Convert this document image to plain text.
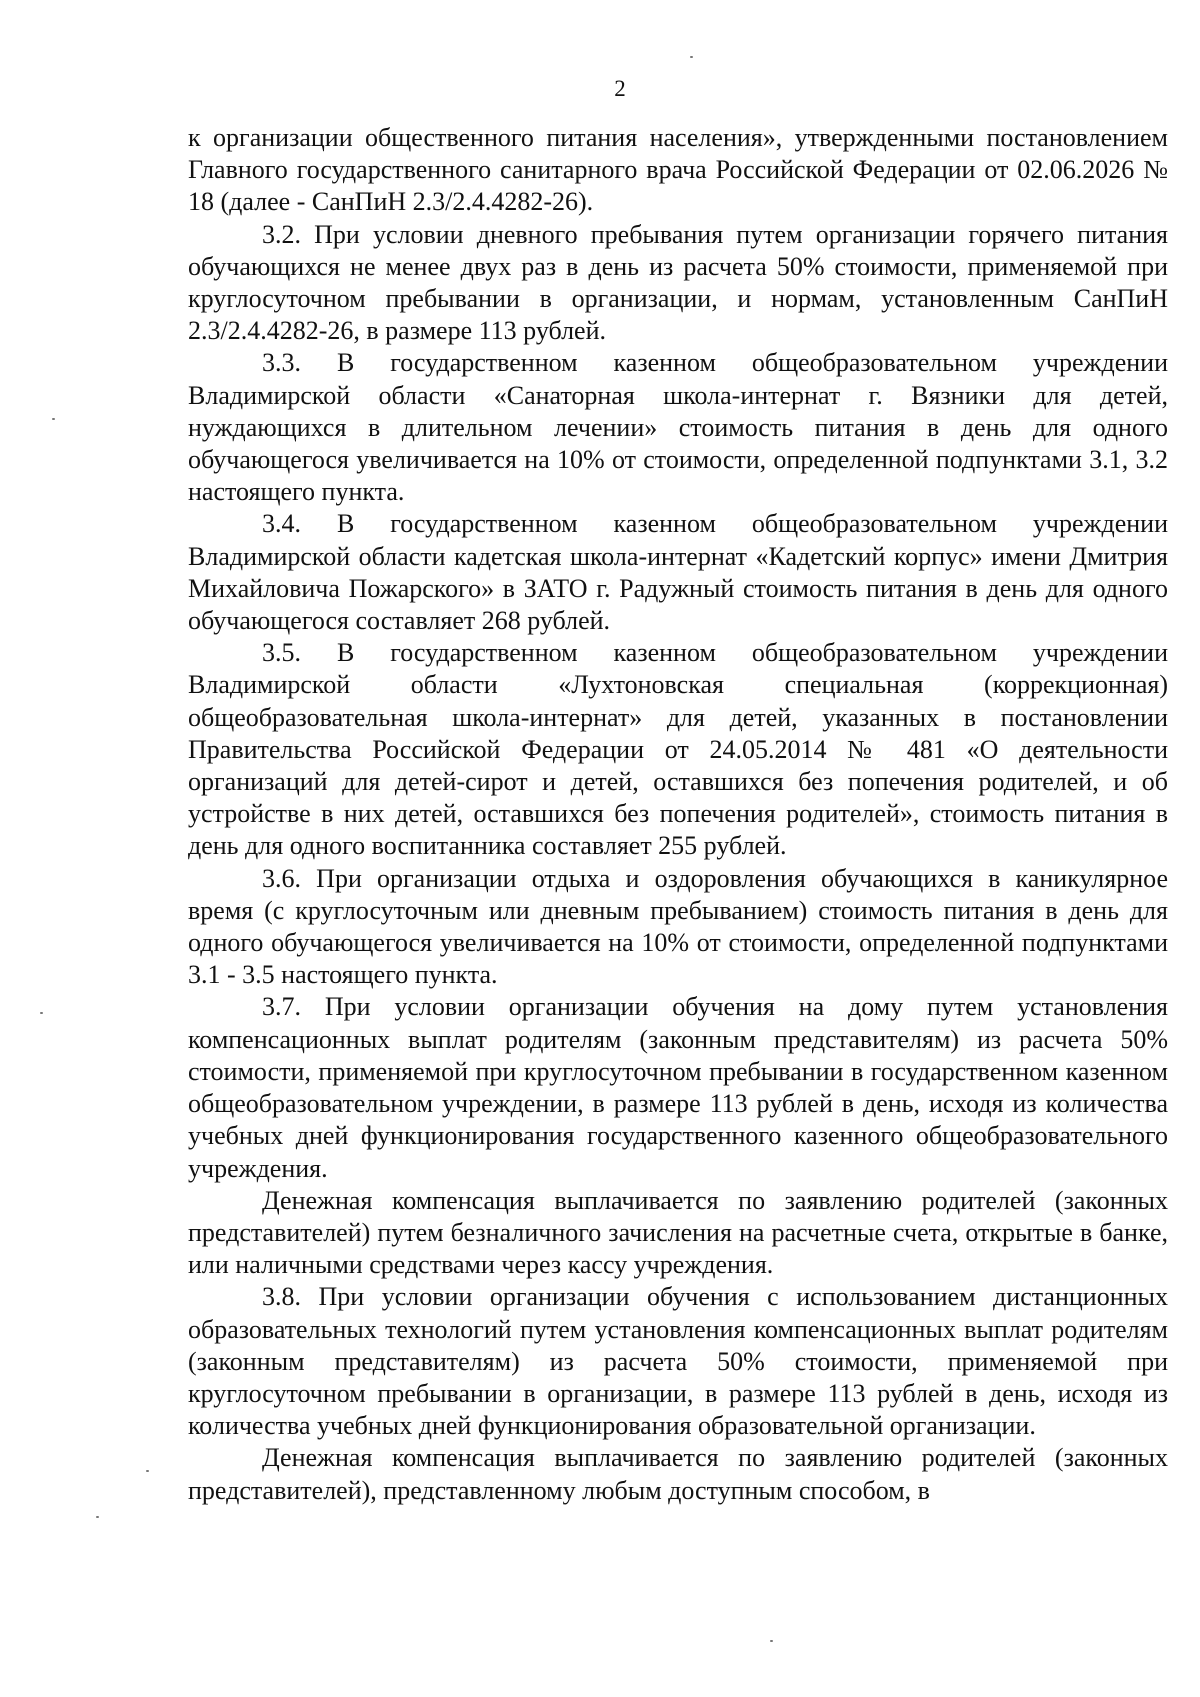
2

к организации общественного питания населения», утвержденными постановлением Главного государственного санитарного врача Российской Федерации от 02.06.2026 № 18 (далее - СанПиН 2.3/2.4.4282-26).

3.2. При условии дневного пребывания путем организации горячего питания обучающихся не менее двух раз в день из расчета 50% стоимости, применяемой при круглосуточном пребывании в организации, и нормам, установленным СанПиН 2.3/2.4.4282-26, в размере 113 рублей.

3.3. В государственном казенном общеобразовательном учреждении Владимирской области «Санаторная школа-интернат г. Вязники для детей, нуждающихся в длительном лечении» стоимость питания в день для одного обучающегося увеличивается на 10% от стоимости, определенной подпунктами 3.1, 3.2 настоящего пункта.

3.4. В государственном казенном общеобразовательном учреждении Владимирской области кадетская школа-интернат «Кадетский корпус» имени Дмитрия Михайловича Пожарского» в ЗАТО г. Радужный стоимость питания в день для одного обучающегося составляет 268 рублей.

3.5. В государственном казенном общеобразовательном учреждении Владимирской области «Лухтоновская специальная (коррекционная) общеобразовательная школа-интернат» для детей, указанных в постановлении Правительства Российской Федерации от 24.05.2014 № 481 «О деятельности организаций для детей-сирот и детей, оставшихся без попечения родителей, и об устройстве в них детей, оставшихся без попечения родителей», стоимость питания в день для одного воспитанника составляет 255 рублей.

3.6. При организации отдыха и оздоровления обучающихся в каникулярное время (с круглосуточным или дневным пребыванием) стоимость питания в день для одного обучающегося увеличивается на 10% от стоимости, определенной подпунктами 3.1 - 3.5 настоящего пункта.

3.7. При условии организации обучения на дому путем установления компенсационных выплат родителям (законным представителям) из расчета 50% стоимости, применяемой при круглосуточном пребывании в государственном казенном общеобразовательном учреждении, в размере 113 рублей в день, исходя из количества учебных дней функционирования государственного казенного общеобразовательного учреждения.

Денежная компенсация выплачивается по заявлению родителей (законных представителей) путем безналичного зачисления на расчетные счета, открытые в банке, или наличными средствами через кассу учреждения.

3.8. При условии организации обучения с использованием дистанционных образовательных технологий путем установления компенсационных выплат родителям (законным представителям) из расчета 50% стоимости, применяемой при круглосуточном пребывании в организации, в размере 113 рублей в день, исходя из количества учебных дней функционирования образовательной организации.

Денежная компенсация выплачивается по заявлению родителей (законных представителей), представленному любым доступным способом, в
